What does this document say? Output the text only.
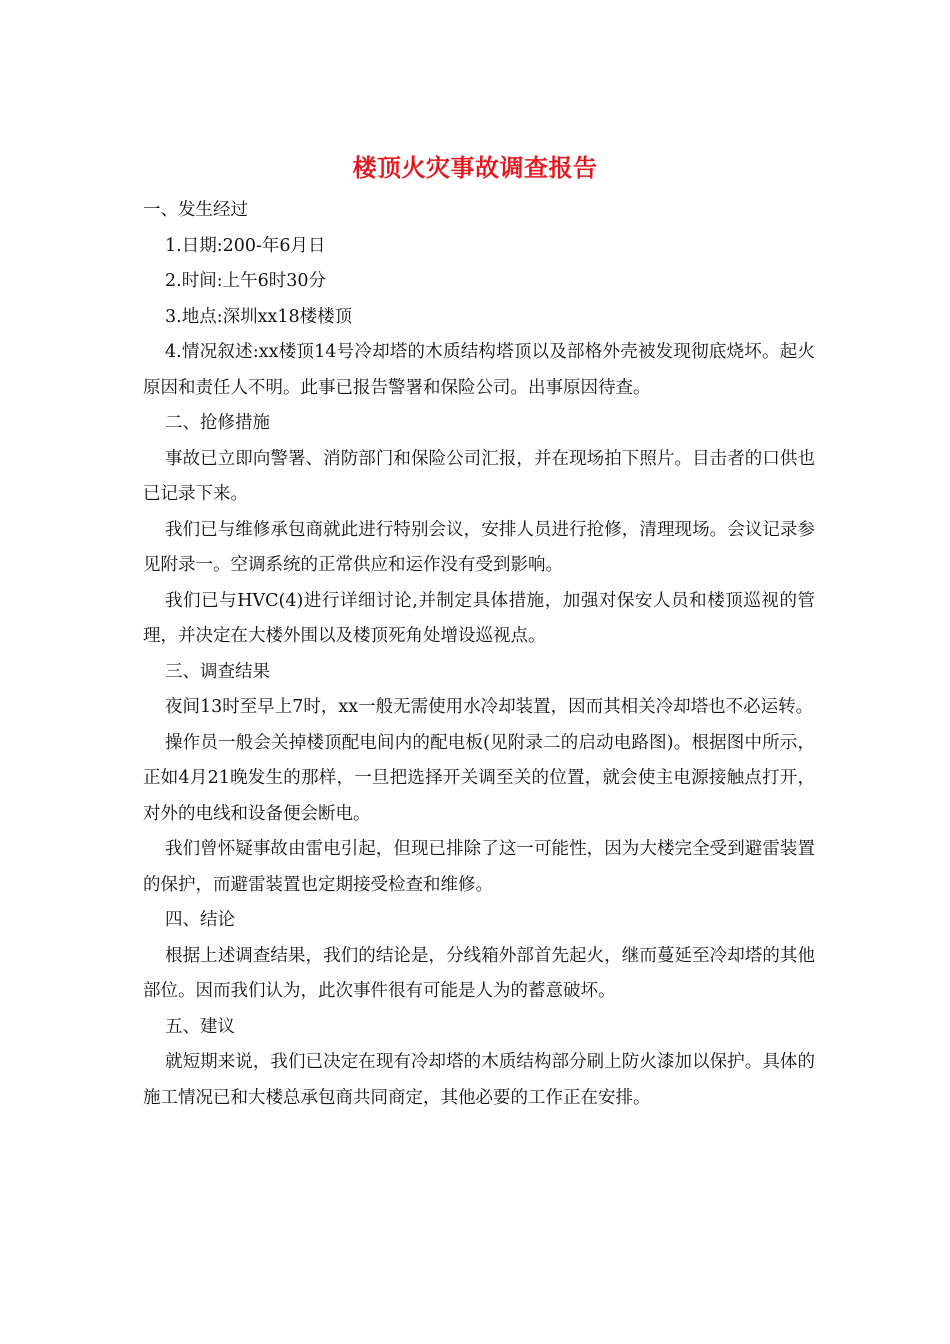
楼顶火灾事故调查报告

一、发生经过

1.日期:200-年6月日

2.时间:上午6时30分

3.地点:深圳xx18楼楼顶

4.情况叙述:xx楼顶14号冷却塔的木质结构塔顶以及部格外壳被发现彻底烧坏。起火原因和责任人不明。此事已报告警署和保险公司。出事原因待查。

二、抢修措施

事故已立即向警署、消防部门和保险公司汇报，并在现场拍下照片。目击者的口供也已记录下来。

我们已与维修承包商就此进行特别会议，安排人员进行抢修，清理现场。会议记录参见附录一。空调系统的正常供应和运作没有受到影响。

我们已与HVC(4)进行详细讨论,并制定具体措施，加强对保安人员和楼顶巡视的管理，并决定在大楼外围以及楼顶死角处增设巡视点。

三、调查结果

夜间13时至早上7时，xx一般无需使用水冷却装置，因而其相关冷却塔也不必运转。

操作员一般会关掉楼顶配电间内的配电板(见附录二的启动电路图)。根据图中所示，正如4月21晚发生的那样，一旦把选择开关调至关的位置，就会使主电源接触点打开，对外的电线和设备便会断电。

我们曾怀疑事故由雷电引起，但现已排除了这一可能性，因为大楼完全受到避雷装置的保护，而避雷装置也定期接受检查和维修。

四、结论

根据上述调查结果，我们的结论是，分线箱外部首先起火，继而蔓延至冷却塔的其他部位。因而我们认为，此次事件很有可能是人为的蓄意破坏。

五、建议

就短期来说，我们已决定在现有冷却塔的木质结构部分刷上防火漆加以保护。具体的施工情况已和大楼总承包商共同商定，其他必要的工作正在安排。
